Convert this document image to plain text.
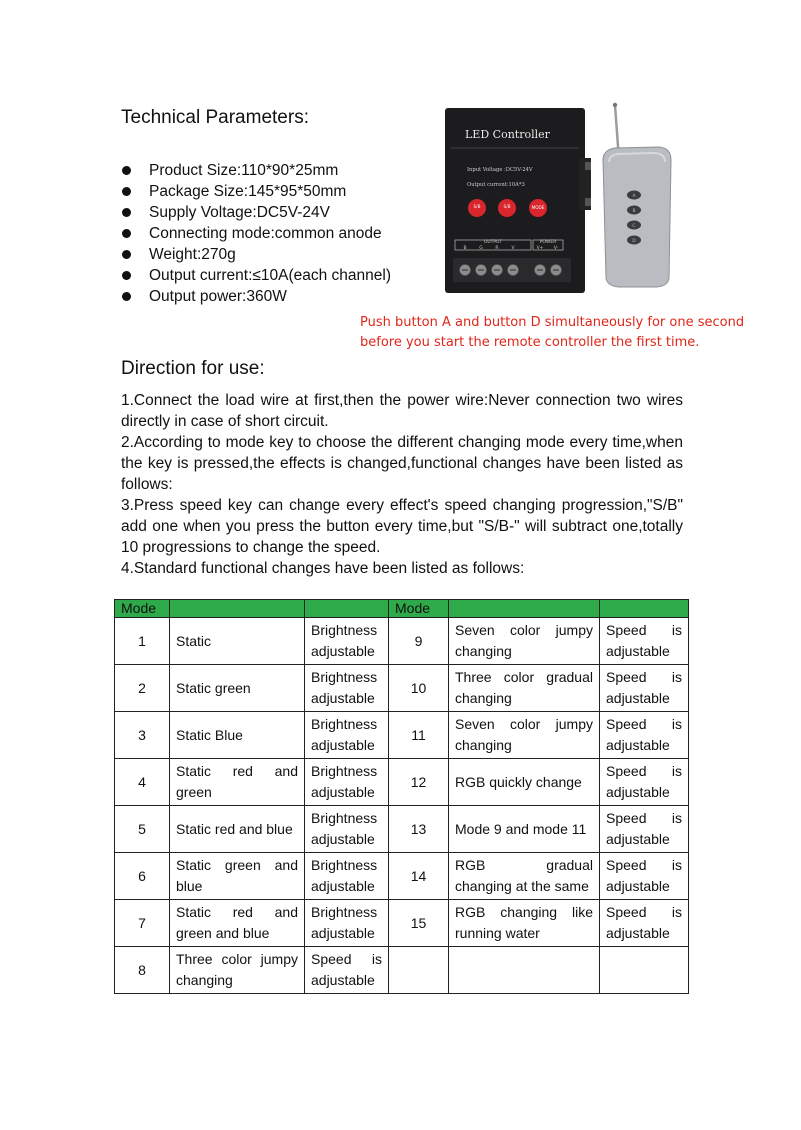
Technical Parameters:
Product Size:110*90*25mm
Package Size:145*95*50mm
Supply Voltage:DC5V-24V
Connecting mode:common anode
Weight:270g
Output current:≤10A(each channel)
Output power:360W
LED Controller
Input Voltage :DC5V-24V
Output current:10A*3
S/B	S/B	MODE
OUTPUT	POWER
B	G	R	V	V+ V-
A
B
C
D
Push button A and button D simultaneously for one second
before you start the remote controller the first time.
Direction for use:

1.Connect the load wire at first,then the power wire:Never connection two wires directly in case of short circuit.

2.According to mode key to choose the different changing mode every time,when the key is pressed,the effects is changed,functional changes have been listed as follows:

3.Press speed key can change every effect's speed changing progression,"S/B" add one when you press the button every time,but "S/B-" will subtract one,totally 10 progressions to change the speed.

4.Standard functional changes have been listed as follows:

Mode			Mode		
1	Static	Brightness adjustable	9	Seven color jumpy changing	Speed is adjustable
2	Static green	Brightness adjustable	10	Three color gradual changing	Speed is adjustable
3	Static Blue	Brightness adjustable	11	Seven color jumpy changing	Speed is adjustable
4	Static red and green	Brightness adjustable	12	RGB quickly change	Speed is adjustable
5	Static red and blue	Brightness adjustable	13	Mode 9 and mode 11	Speed is adjustable
6	Static green and blue	Brightness adjustable	14	RGB gradual changing at the same	Speed is adjustable
7	Static red and green and blue	Brightness adjustable	15	RGB changing like running water	Speed is adjustable
8	Three color jumpy changing	Speed is adjustable			
